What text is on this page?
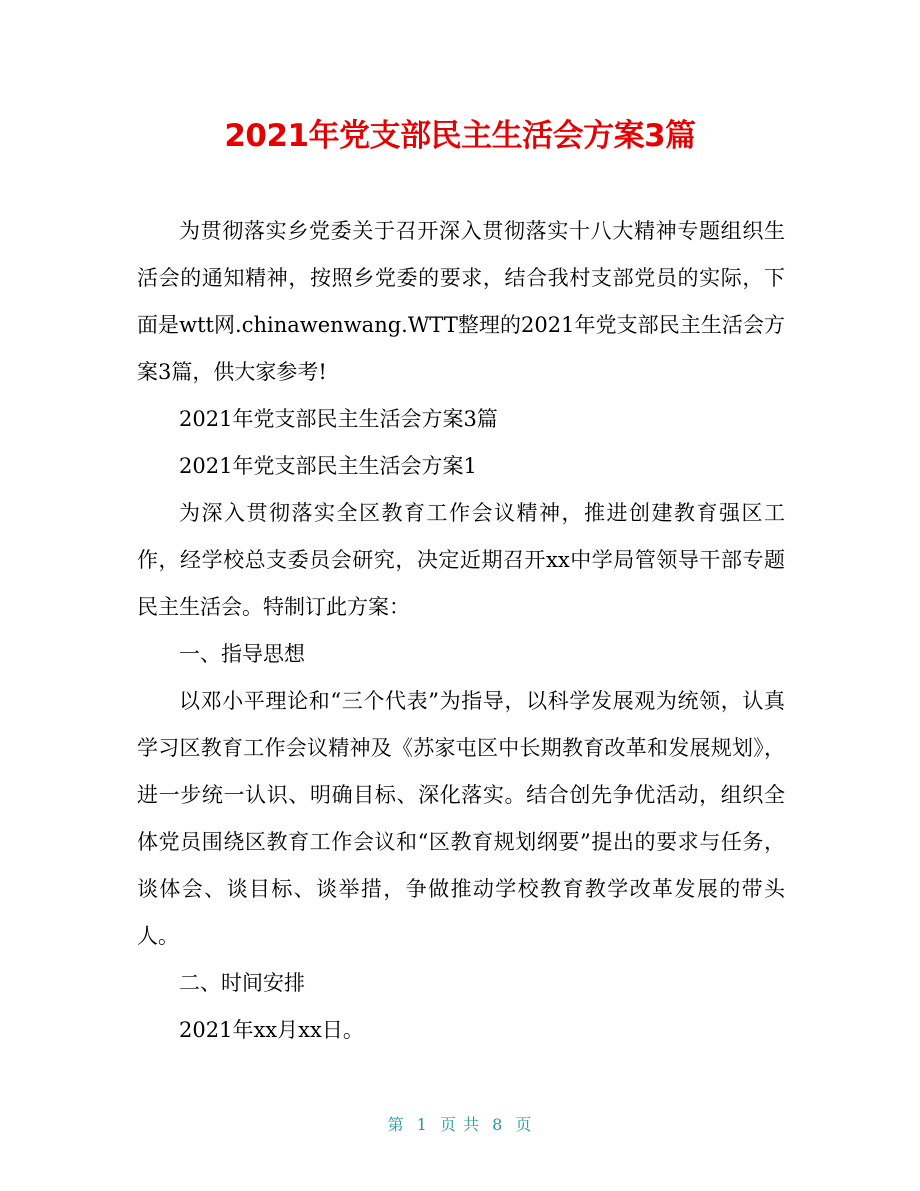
2021年党支部民主生活会方案3篇

为贯彻落实乡党委关于召开深入贯彻落实十八大精神专题组织生活会的通知精神，按照乡党委的要求，结合我村支部党员的实际，下面是wtt网.chinawenwang.WTT整理的2021年党支部民主生活会方案3篇，供大家参考!

2021年党支部民主生活会方案3篇

2021年党支部民主生活会方案1

为深入贯彻落实全区教育工作会议精神，推进创建教育强区工作，经学校总支委员会研究，决定近期召开xx中学局管领导干部专题民主生活会。特制订此方案：

一、指导思想

以邓小平理论和“三个代表”为指导，以科学发展观为统领，认真学习区教育工作会议精神及《苏家屯区中长期教育改革和发展规划》，进一步统一认识、明确目标、深化落实。结合创先争优活动，组织全体党员围绕区教育工作会议和“区教育规划纲要”提出的要求与任务，谈体会、谈目标、谈举措，争做推动学校教育教学改革发展的带头人。

二、时间安排

2021年xx月xx日。

第 1 页 共 8 页
